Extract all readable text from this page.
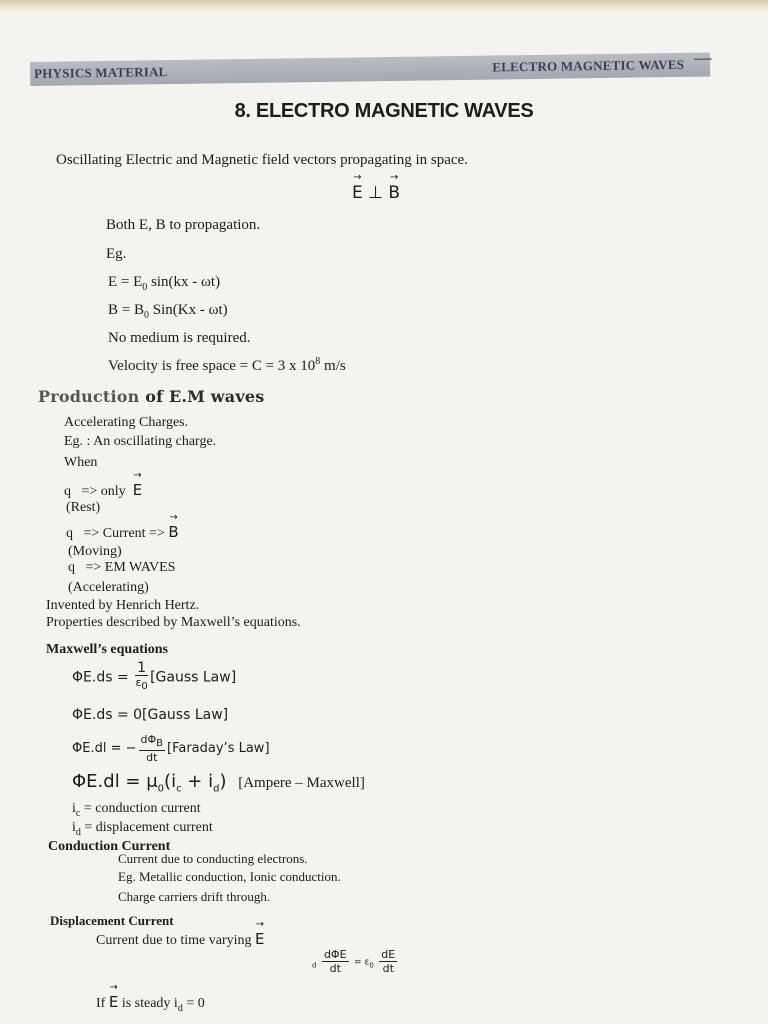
PHYSICS MATERIAL	ELECTRO MAGNETIC WAVES
8. ELECTRO MAGNETIC WAVES
Oscillating Electric and Magnetic field vectors propagating in space.
→ E ⊥ → B
Both E, B to propagation.
Eg.
$E = E_0$ sin(kx - ωt)
$B = B_0$ Sin(Kx - ωt)
No medium is required.
Velocity is free space = C = 3 x $10^8$ m/s
Production of E.M waves
Accelerating Charges.
Eg. : An oscillating charge.
When
q   => only  → E
(Rest)
q   => Current => → B
(Moving)
q   => EM WAVES
(Accelerating)
Invented by Henrich Hertz.
Properties described by Maxwell’s equations.
Maxwell’s equations
$\Phi E.ds = \frac{1}{\varepsilon_0}$ [Gauss Law]
ΦE.ds = 0[Gauss Law]
ΦE.dl = − $\frac{d\Phi_B}{dt}$ [Faraday’s Law]
$\Phi E.dl = \mu_0(i_c + i_d)$ [Ampere – Maxwell]
$i_c$ = conduction current
$i_d$ = displacement current
Conduction Current
Current due to conducting electrons.
Eg. Metallic conduction, Ionic conduction.
Charge carriers drift through.
Displacement Current
Current due to time varying → E
$_d \frac{\text{dΦE}}{dt} = \varepsilon_0 \frac{dE}{dt}$
If → E is steady $i_d = 0$
